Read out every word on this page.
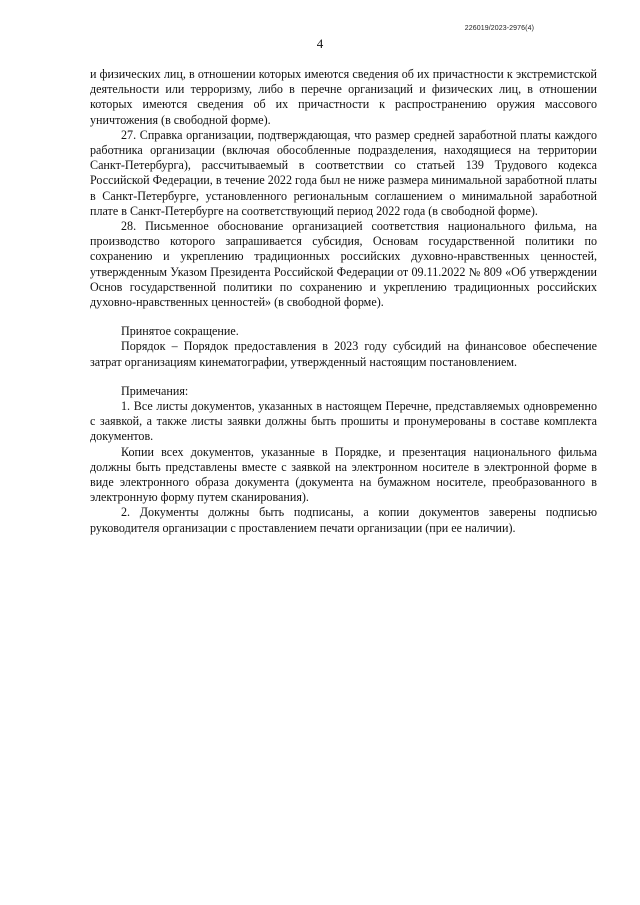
226019/2023-2976(4)
4

и физических лиц, в отношении которых имеются сведения об их причастности к экстремистской деятельности или терроризму, либо в перечне организаций и физических лиц, в отношении которых имеются сведения об их причастности к распространению оружия массового уничтожения (в свободной форме).

27. Справка организации, подтверждающая, что размер средней заработной платы каждого работника организации (включая обособленные подразделения, находящиеся на территории Санкт-Петербурга), рассчитываемый в соответствии со статьей 139 Трудового кодекса Российской Федерации, в течение 2022 года был не ниже размера минимальной заработной платы в Санкт-Петербурге, установленного региональным соглашением о минимальной заработной плате в Санкт-Петербурге на соответствующий период 2022 года (в свободной форме).

28. Письменное обоснование организацией соответствия национального фильма, на производство которого запрашивается субсидия, Основам государственной политики по сохранению и укреплению традиционных российских духовно-нравственных ценностей, утвержденным Указом Президента Российской Федерации от 09.11.2022 № 809 «Об утверждении Основ государственной политики по сохранению и укреплению традиционных российских духовно-нравственных ценностей» (в свободной форме).

Принятое сокращение.

Порядок – Порядок предоставления в 2023 году субсидий на финансовое обеспечение затрат организациям кинематографии, утвержденный настоящим постановлением.

Примечания:

1. Все листы документов, указанных в настоящем Перечне, представляемых одновременно с заявкой, а также листы заявки должны быть прошиты и пронумерованы в составе комплекта документов.

Копии всех документов, указанные в Порядке, и презентация национального фильма должны быть представлены вместе с заявкой на электронном носителе в электронной форме в виде электронного образа документа (документа на бумажном носителе, преобразованного в электронную форму путем сканирования).

2. Документы должны быть подписаны, а копии документов заверены подписью руководителя организации с проставлением печати организации (при ее наличии).
